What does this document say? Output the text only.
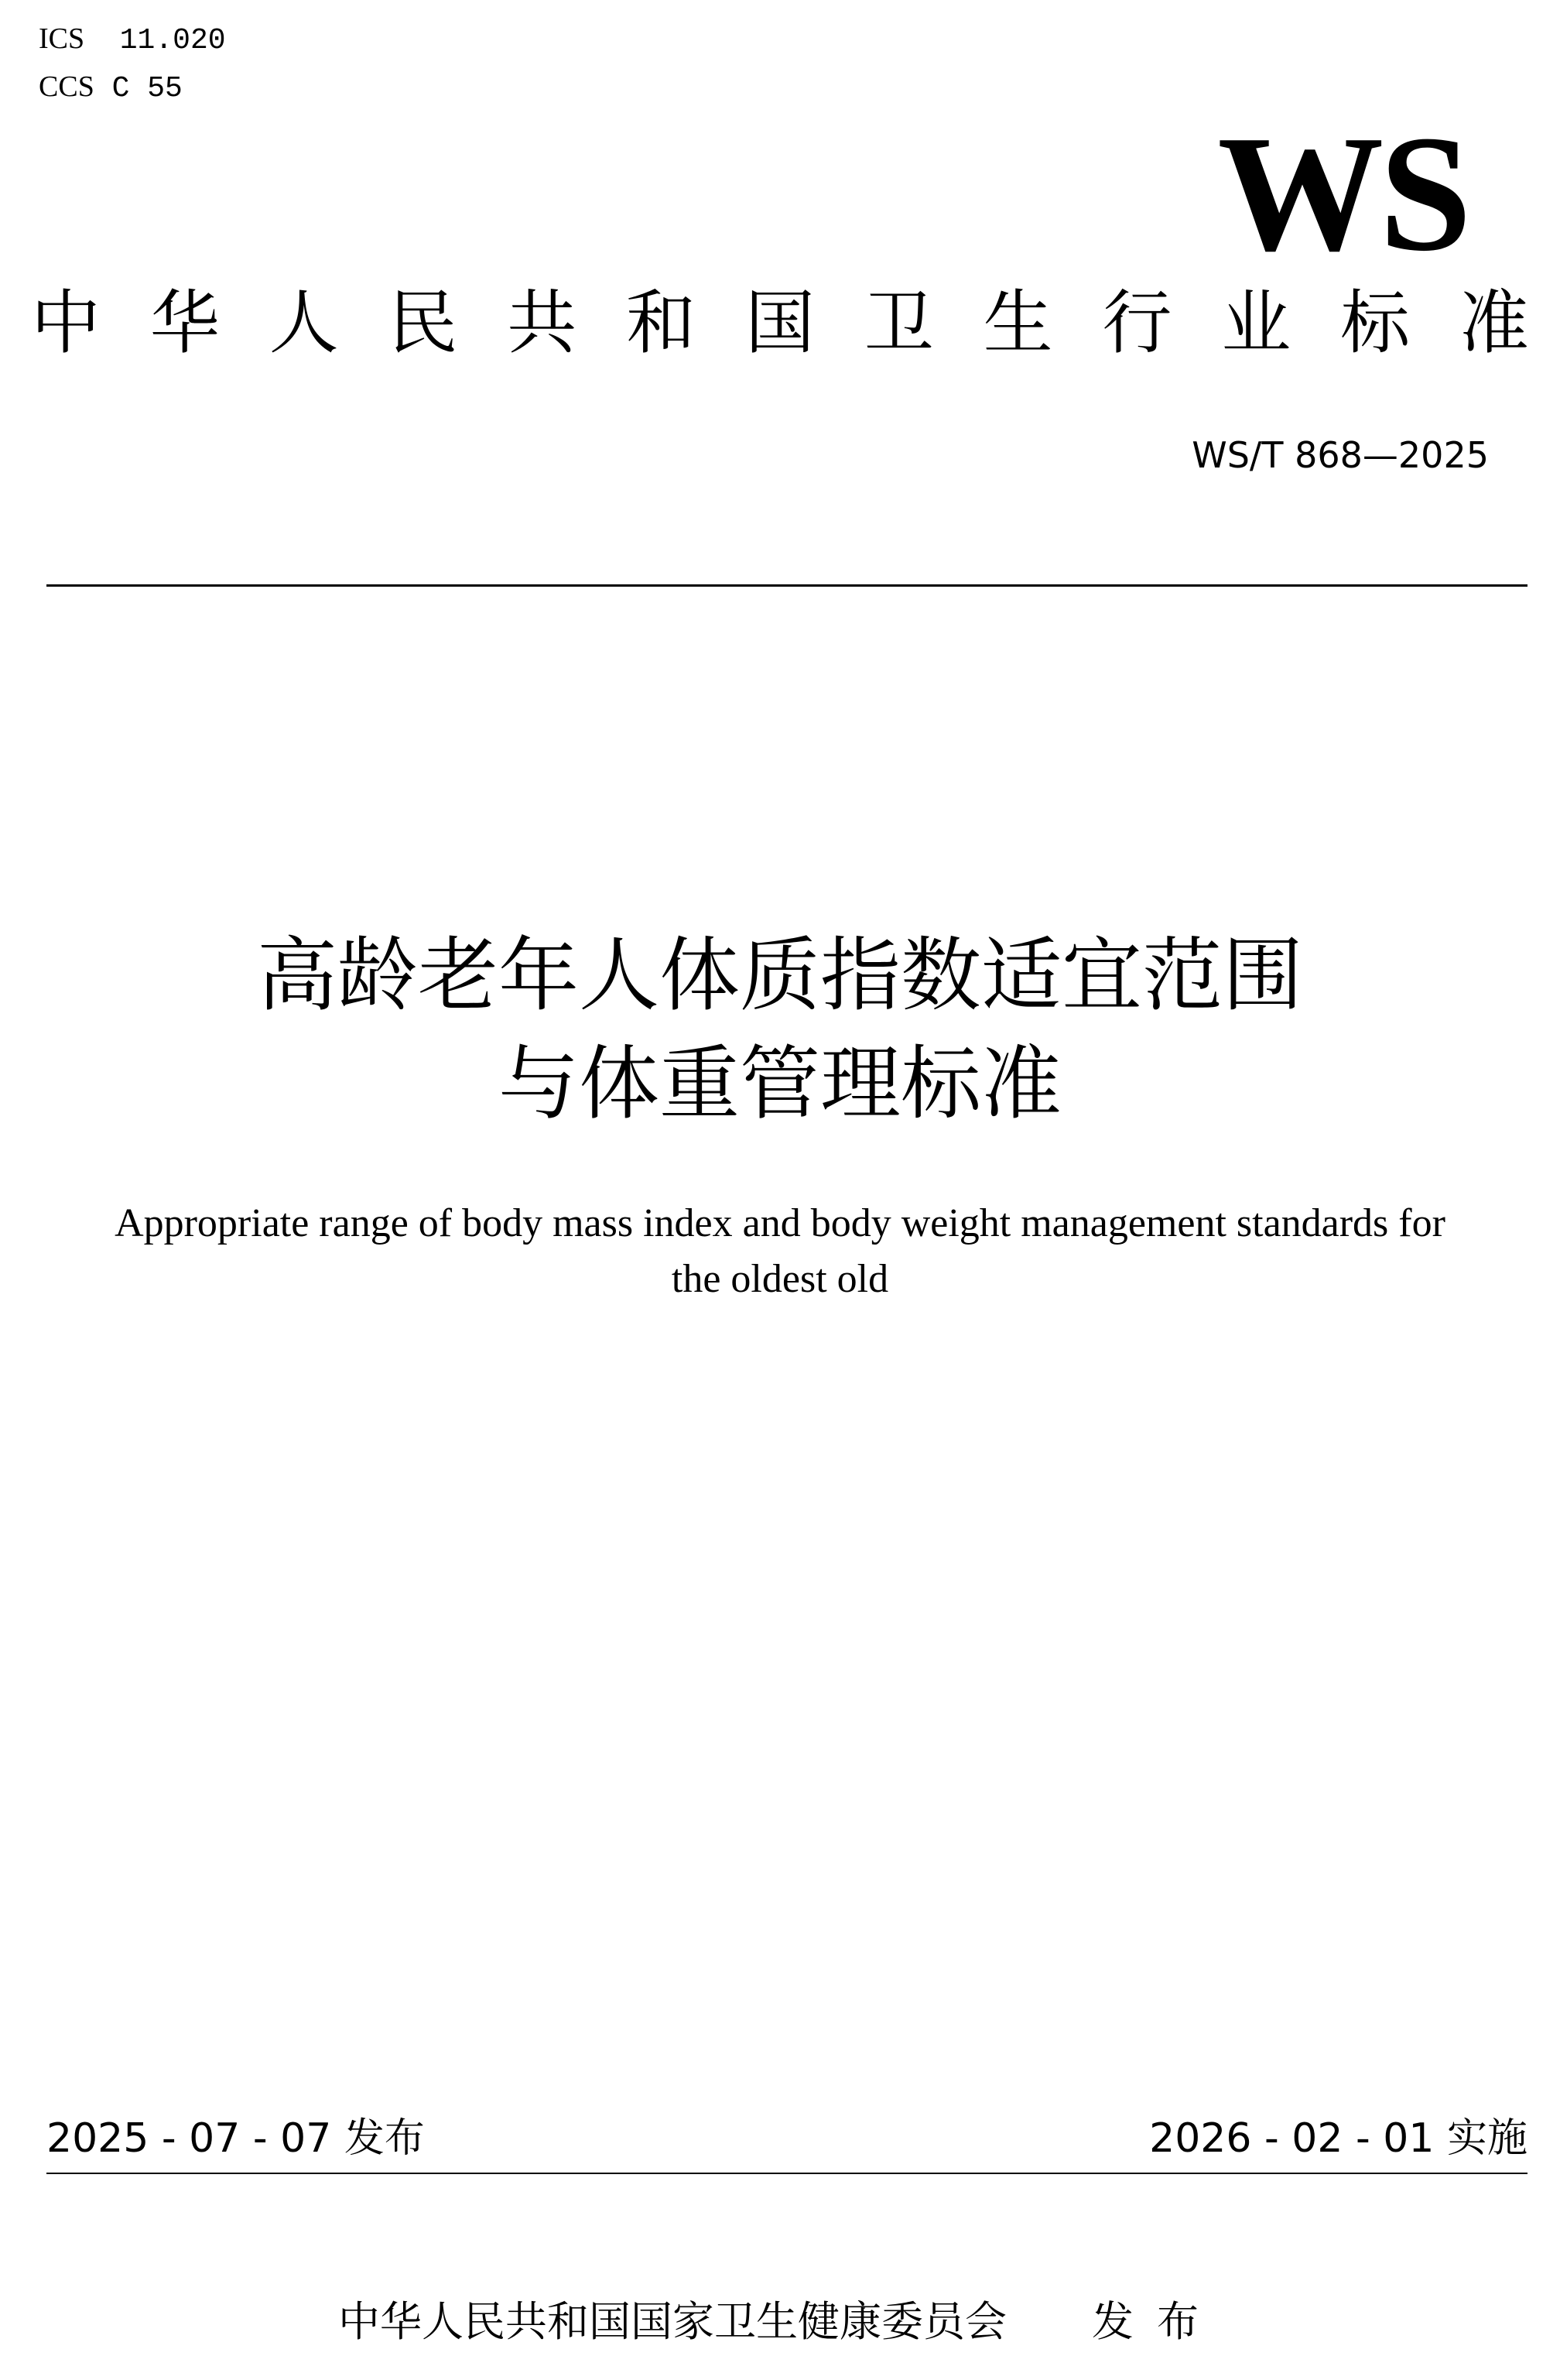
ICS 11.020
CCS C 55
WS
中 华 人 民 共 和 国 卫 生 行 业 标 准
WS/T 868—2025
高龄老年人体质指数适宜范围
与体重管理标准
Appropriate range of body mass index and body weight management standards for
the oldest old
2025 - 07 - 07 发布	2026 - 02 - 01 实施
中华人民共和国国家卫生健康委员会 发布
